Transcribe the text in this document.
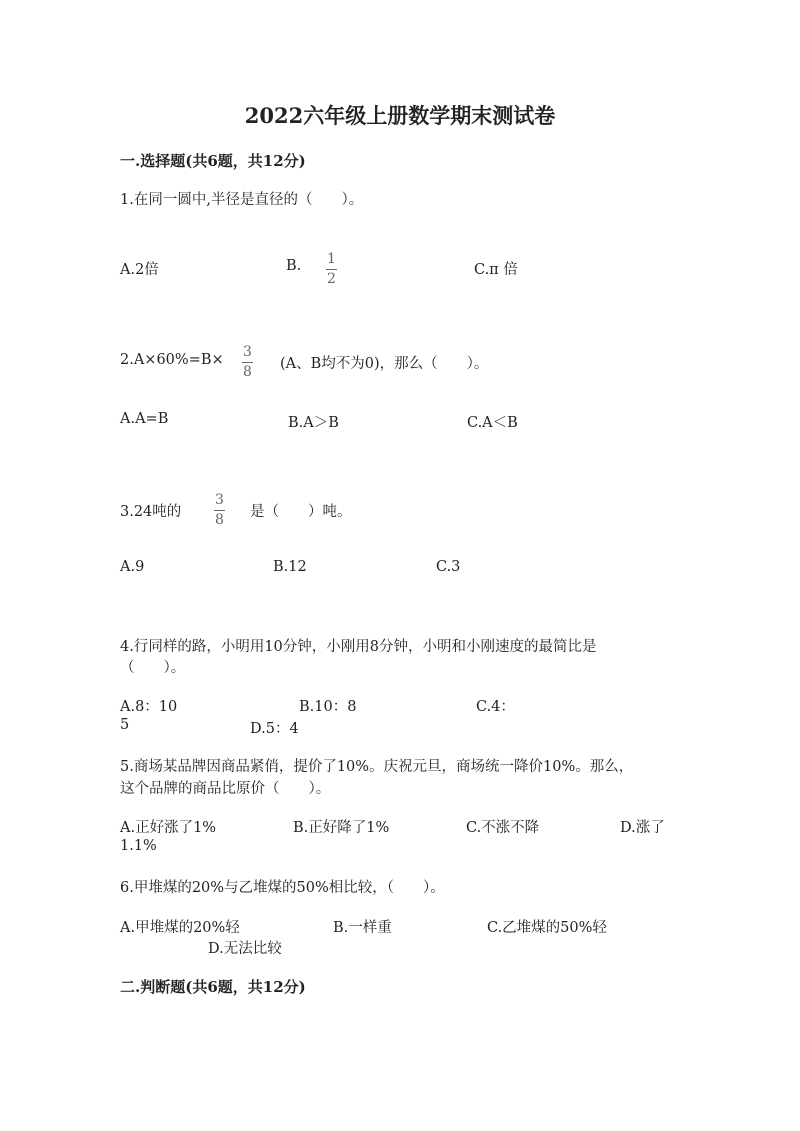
2022六年级上册数学期末测试卷
一.选择题(共6题，共12分)
1.在同一圆中,半径是直径的（　　）。
A.2倍	B. 1
2
C.π 倍
2.A×60%=B× 3
8 (A、B均不为0)，那么（　　）。
A.A=B	B.A＞B	C.A＜B
3.24吨的
3
8 是（　　）吨。
A.9	B.12	C.3
4.行同样的路，小明用10分钟，小刚用8分钟，小明和小刚速度的最简比是
（　　）。
A.8：10	B.10：8	C.4：
5	D.5：4
5.商场某品牌因商品紧俏，提价了10%。庆祝元旦，商场统一降价10%。那么，
这个品牌的商品比原价（　　）。
A.正好涨了1%	B.正好降了1%	C.不涨不降	D.涨了
1.1%
6.甲堆煤的20%与乙堆煤的50%相比较，（　　）。
A.甲堆煤的20%轻	B.一样重	C.乙堆煤的50%轻
D.无法比较
二.判断题(共6题，共12分)
